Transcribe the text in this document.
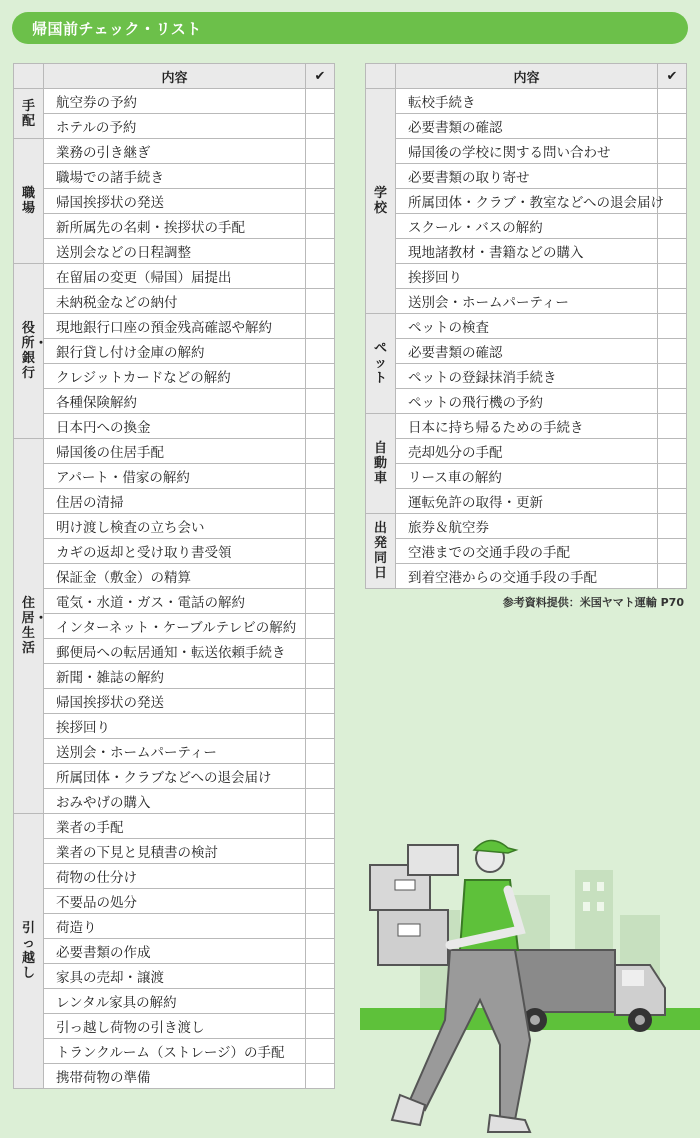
帰国前チェック・リスト
	内容	✔

手配	航空券の予約	
	ホテルの予約	

職場	業務の引き継ぎ	
	職場での諸手続き	
	帰国挨拶状の発送	
	新所属先の名刺・挨拶状の手配	
	送別会などの日程調整	

役所・銀行	在留届の変更（帰国）届提出	
	未納税金などの納付	
	現地銀行口座の預金残高確認や解約	
	銀行貸し付け金庫の解約	
	クレジットカードなどの解約	
	各種保険解約	
	日本円への換金	

住居・生活	帰国後の住居手配	
	アパート・借家の解約	
	住居の清掃	
	明け渡し検査の立ち会い	
	カギの返却と受け取り書受領	
	保証金（敷金）の精算	
	電気・水道・ガス・電話の解約	
	インターネット・ケーブルテレビの解約	
	郵便局への転居通知・転送依頼手続き	
	新聞・雑誌の解約	
	帰国挨拶状の発送	
	挨拶回り	
	送別会・ホームパーティー	
	所属団体・クラブなどへの退会届け	
	おみやげの購入	

引っ越し	業者の手配	
	業者の下見と見積書の検討	
	荷物の仕分け	
	不要品の処分	
	荷造り	
	必要書類の作成	
	家具の売却・譲渡	
	レンタル家具の解約	
	引っ越し荷物の引き渡し	
	トランクルーム（ストレージ）の手配	
	携帯荷物の準備	
	内容	✔

学校	転校手続き	
	必要書類の確認	
	帰国後の学校に関する問い合わせ	
	必要書類の取り寄せ	
	所属団体・クラブ・教室などへの退会届け	
	スクール・バスの解約	
	現地諸教材・書籍などの購入	
	挨拶回り	
	送別会・ホームパーティー	

ペット	ペットの検査	
	必要書類の確認	
	ペットの登録抹消手続き	
	ペットの飛行機の予約	

自動車	日本に持ち帰るための手続き	
	売却処分の手配	
	リース車の解約	
	運転免許の取得・更新	

出発同日	旅券＆航空券	
	空港までの交通手段の手配	
	到着空港からの交通手段の手配	
参考資料提供：米国ヤマト運輸 P70
